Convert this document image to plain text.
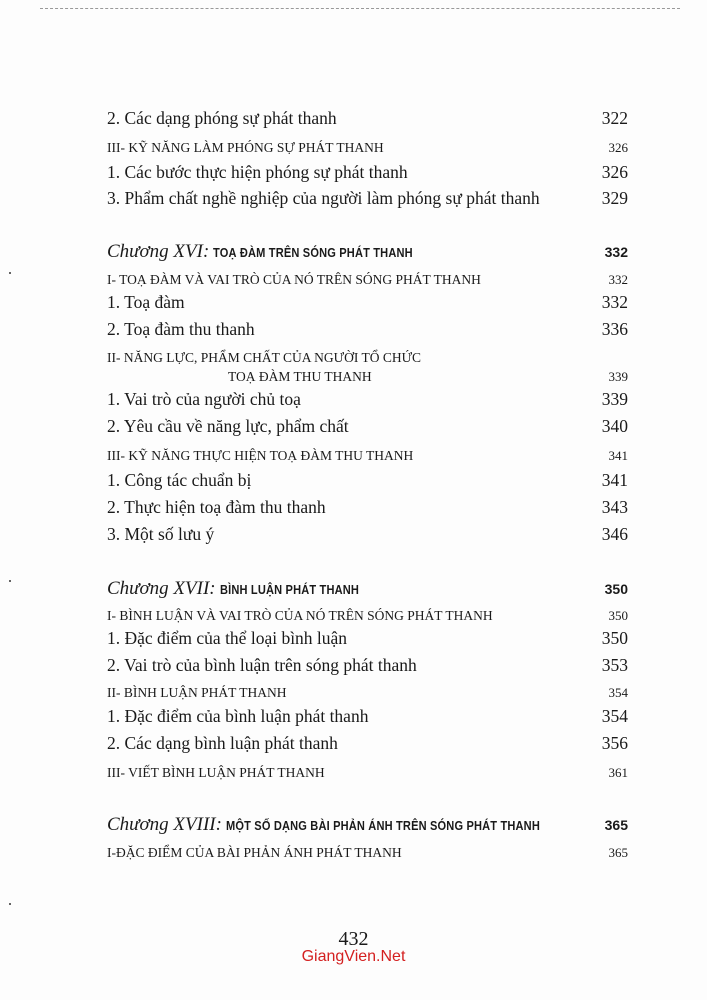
2. Các dạng phóng sự phát thanh	322
III- KỸ NĂNG LÀM PHÓNG SỰ PHÁT THANH	326
1. Các bước thực hiện phóng sự phát thanh	326
3. Phẩm chất nghề nghiệp của người làm phóng sự phát thanh	329
Chương XVI: TOẠ ĐÀM TRÊN SÓNG PHÁT THANH	332
I- TOẠ ĐÀM VÀ VAI TRÒ CỦA NÓ TRÊN SÓNG PHÁT THANH	332
1. Toạ đàm	332
2. Toạ đàm thu thanh	336
II- NĂNG LỰC, PHẨM CHẤT CỦA NGƯỜI TỔ CHỨC
TOẠ ĐÀM THU THANH	339
1. Vai trò của người chủ toạ	339
2. Yêu cầu về năng lực, phẩm chất	340
III- KỸ NĂNG THỰC HIỆN TOẠ ĐÀM THU THANH	341
1. Công tác chuẩn bị	341
2. Thực hiện toạ đàm thu thanh	343
3. Một số lưu ý	346
Chương XVII: BÌNH LUẬN PHÁT THANH	350
I- BÌNH LUẬN VÀ VAI TRÒ CỦA NÓ TRÊN SÓNG PHÁT THANH	350
1. Đặc điểm của thể loại bình luận	350
2. Vai trò của bình luận trên sóng phát thanh	353
II- BÌNH LUẬN PHÁT THANH	354
1. Đặc điểm của bình luận phát thanh	354
2. Các dạng bình luận phát thanh	356
III- VIẾT BÌNH LUẬN PHÁT THANH	361
Chương XVIII: MỘT SỐ DẠNG BÀI PHẢN ÁNH TRÊN SÓNG PHÁT THANH	365
I-ĐẶC ĐIỂM CỦA BÀI PHẢN ÁNH PHÁT THANH	365
432
GiangVien.Net
